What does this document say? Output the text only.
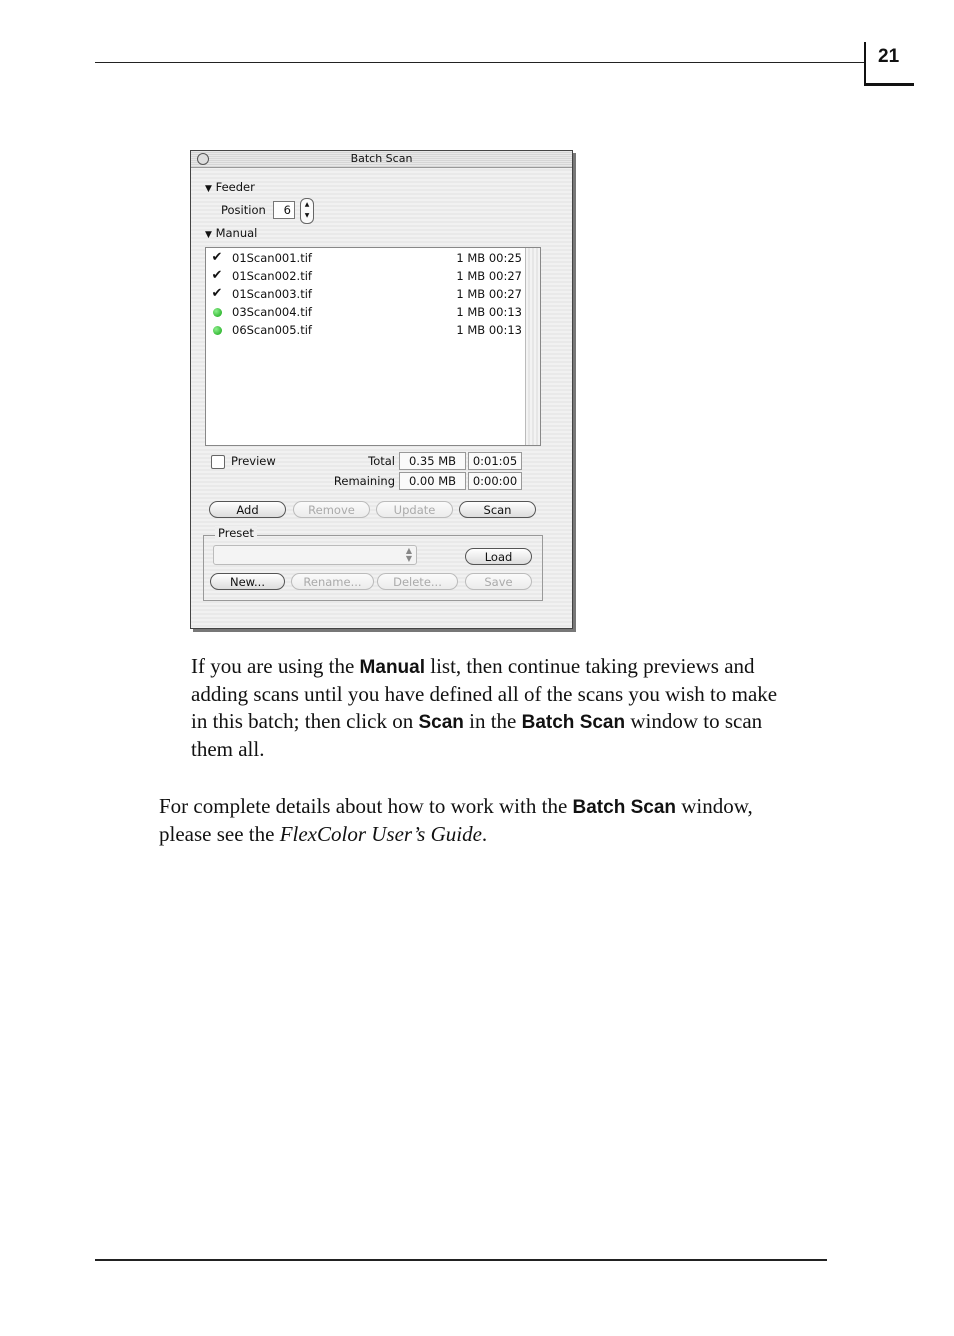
21
Batch Scan
▼ Feeder
Position	6	▲
▼
▼ Manual
✔ 01Scan001.tif	1 MB 00:25
✔ 01Scan002.tif	1 MB 00:27
✔ 01Scan003.tif	1 MB 00:27
03Scan004.tif	1 MB 00:13
06Scan005.tif	1 MB 00:13
Preview	Total	0.35 MB	0:01:05
Remaining	0.00 MB	0:00:00
Add	Remove	Update	Scan
Preset
▲
▼	Load
New...	Rename...	Delete...	Save
If you are using the Manual list, then continue taking previews and
adding scans until you have defined all of the scans you wish to make
in this batch; then click on Scan in the Batch Scan window to scan
them all.
For complete details about how to work with the Batch Scan window,
please see the FlexColor User’s Guide.
